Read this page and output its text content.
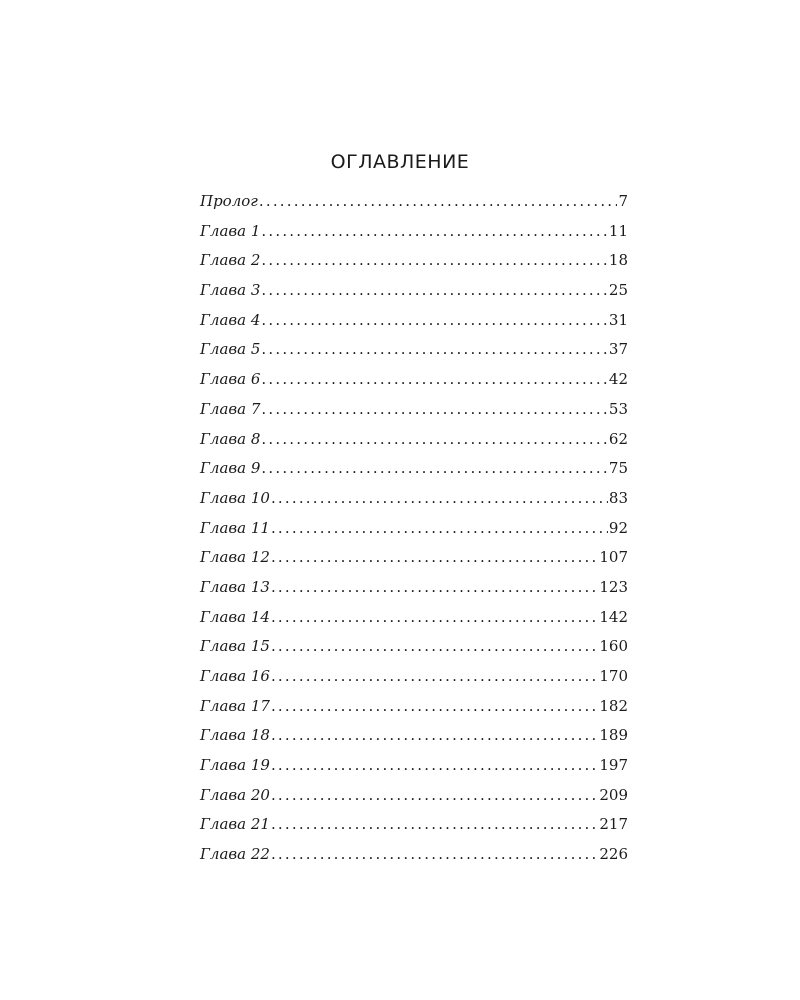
ОГЛАВЛЕНИЕ
Пролог .....	7
Глава 1 .....	11
Глава 2 .....	18
Глава 3 .....	25
Глава 4 .....	31
Глава 5 .....	37
Глава 6 .....	42
Глава 7 .....	53
Глава 8 .....	62
Глава 9 .....	75
Глава 10 .....	83
Глава 11 .....	92
Глава 12 .....	107
Глава 13 .....	123
Глава 14 .....	142
Глава 15 .....	160
Глава 16 .....	170
Глава 17 .....	182
Глава 18 .....	189
Глава 19 .....	197
Глава 20 .....	209
Глава 21 .....	217
Глава 22 .....	226
